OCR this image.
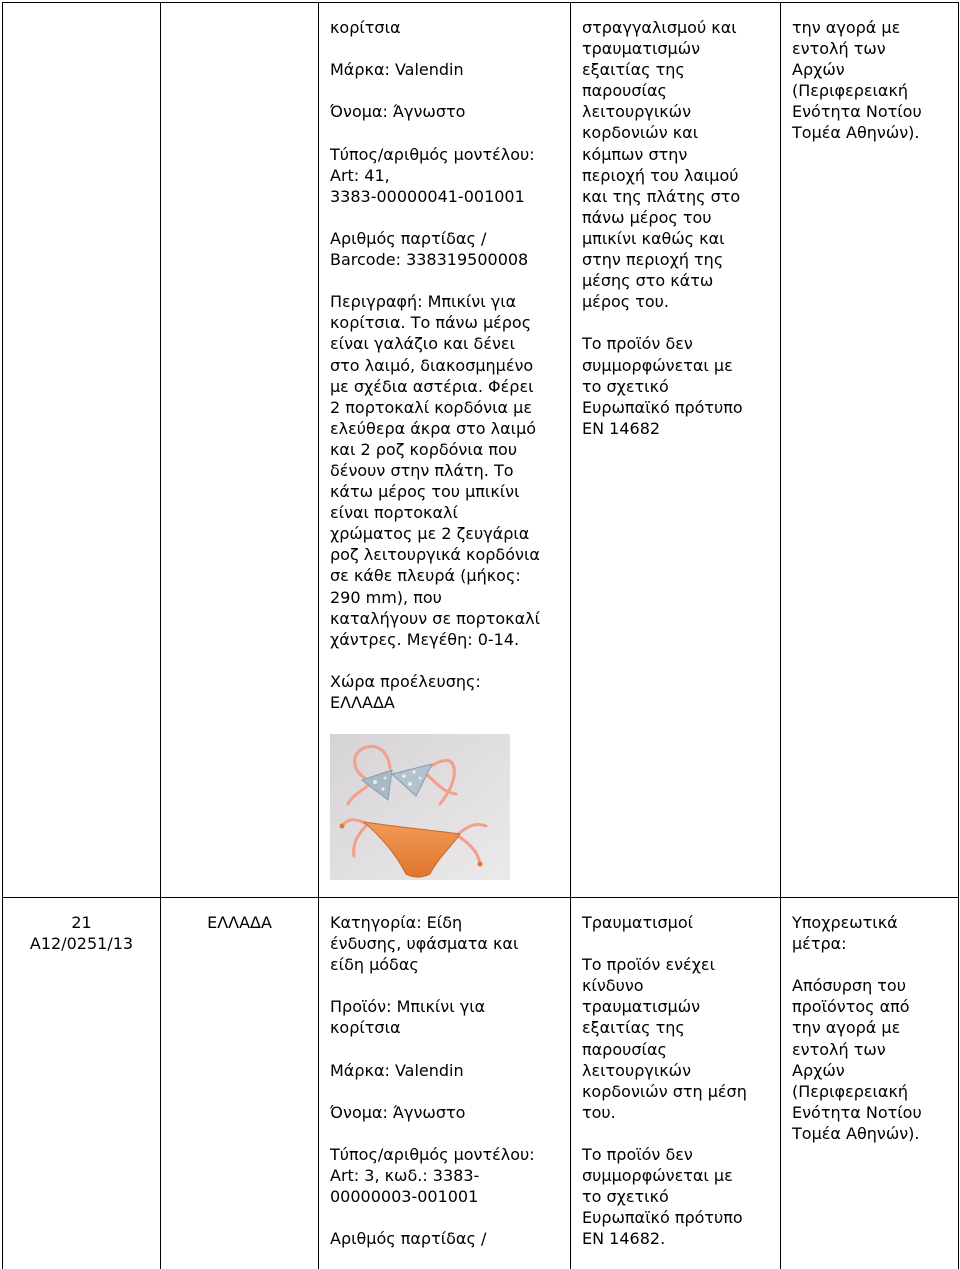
κορίτσια

Μάρκα: Valendin

Όνομα: Άγνωστο

Τύπος/αριθμός μοντέλου:
Art: 41,
3383-00000041-001001

Αριθμός παρτίδας /
Barcode: 338319500008

Περιγραφή: Μπικίνι για
κορίτσια. Το πάνω μέρος
είναι γαλάζιο και δένει
στο λαιμό, διακοσμημένο
με σχέδια αστέρια. Φέρει
2 πορτοκαλί κορδόνια με
ελεύθερα άκρα στο λαιμό
και 2 ροζ κορδόνια που
δένουν στην πλάτη. Το
κάτω μέρος του μπικίνι
είναι πορτοκαλί
χρώματος με 2 ζευγάρια
ροζ λειτουργικά κορδόνια
σε κάθε πλευρά (μήκος:
290 mm), που
καταλήγουν σε πορτοκαλί
χάντρες. Μεγέθη: 0-14.

Χώρα προέλευσης:
ΕΛΛΑΔΑ

στραγγαλισμού και
τραυματισμών
εξαιτίας της
παρουσίας
λειτουργικών
κορδονιών και
κόμπων στην
περιοχή του λαιμού
και της πλάτης στο
πάνω μέρος του
μπικίνι καθώς και
στην περιοχή της
μέσης στο κάτω
μέρος του.

Το προϊόν δεν
συμμορφώνεται με
το σχετικό
Ευρωπαϊκό πρότυπο
ΕΝ 14682

την αγορά με
εντολή των
Αρχών
(Περιφερειακή
Ενότητα Νοτίου
Τομέα Αθηνών).

21
A12/0251/13
ΕΛΛΑΔΑ	Κατηγορία: Είδη
ένδυσης, υφάσματα και
είδη μόδας

Προϊόν: Μπικίνι για
κορίτσια

Μάρκα: Valendin

Όνομα: Άγνωστο

Τύπος/αριθμός μοντέλου:
Art: 3, κωδ.: 3383-
00000003-001001

Αριθμός παρτίδας /

Τραυματισμοί

Το προϊόν ενέχει
κίνδυνο
τραυματισμών
εξαιτίας της
παρουσίας
λειτουργικών
κορδονιών στη μέση
του.

Το προϊόν δεν
συμμορφώνεται με
το σχετικό
Ευρωπαϊκό πρότυπο
ΕΝ 14682.

Υποχρεωτικά
μέτρα:

Απόσυρση του
προϊόντος από
την αγορά με
εντολή των
Αρχών
(Περιφερειακή
Ενότητα Νοτίου
Τομέα Αθηνών).
